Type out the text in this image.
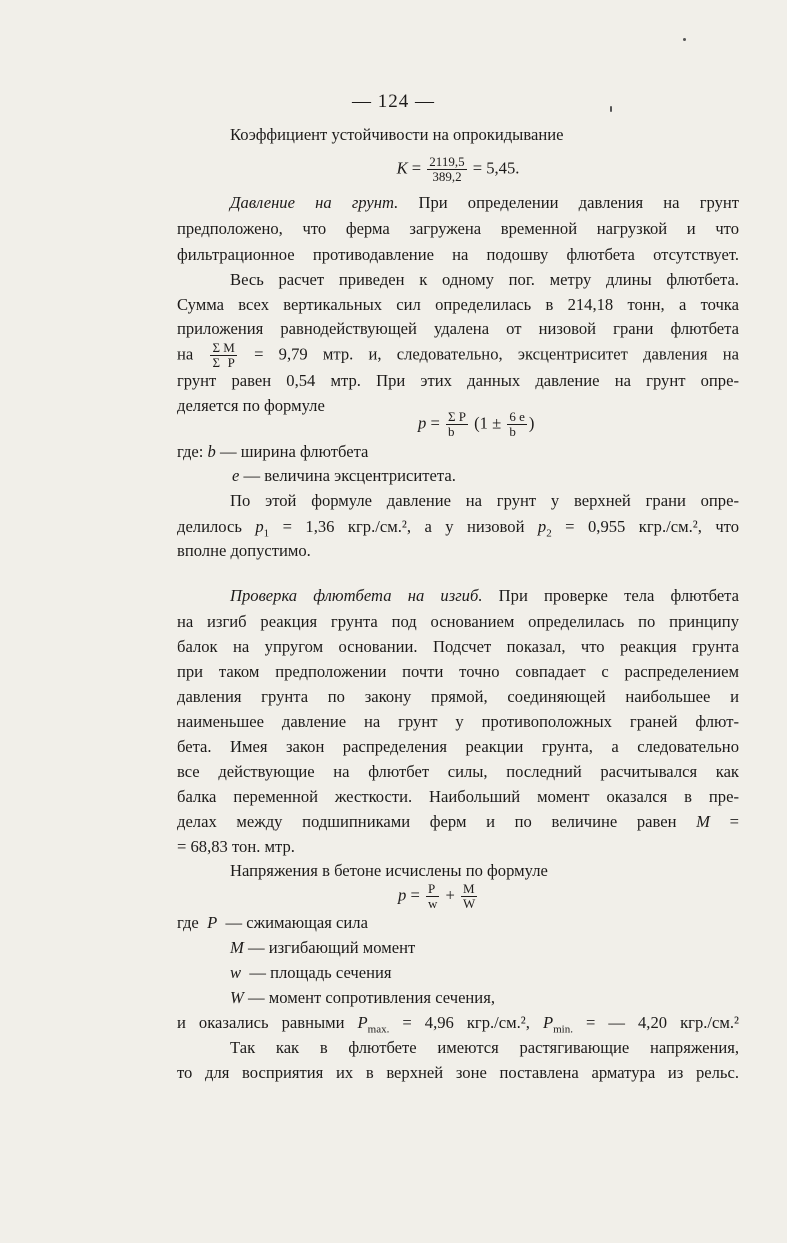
— 124 —
Коэффициент устойчивости на опрокидывание
$K = \frac{2119,5}{389,2} = 5,45$.
Давление на грунт. При определении давления на грунт
предположено, что ферма загружена временной нагрузкой и что
фильтрационное противодавление на подошву флютбета отсутствует.
Весь расчет приведен к одному пог. метру длины флютбета.
Сумма всех вертикальных сил определилась в 214,18 тонн, а точка
приложения равнодействующей удалена от низовой грани флютбета
на $\frac{\text{Σ M}}{\text{Σ P}} = 9,79$ мтр. и, следовательно, эксцентриситет давления на
грунт равен 0,54 мтр. При этих данных давление на грунт опре-
деляется по формуле
$p = \frac{\text{Σ P}}{b} (1 \pm \frac{6 e}{b}$ )
где: b — ширина флютбета
e — величина эксцентриситета.
По этой формуле давление на грунт у верхней грани опре-
делилось $p_1 = 1,36$ кгр./см.², а у низовой $p_2 = 0,955$ кгр./см.², что
вполне допустимо.
Проверка флютбета на изгиб. При проверке тела флютбета
на изгиб реакция грунта под основанием определилась по принципу
балок на упругом основании. Подсчет показал, что реакция грунта
при таком предположении почти точно совпадает с распределением
давления грунта по закону прямой, соединяющей наибольшее и
наименьшее давление на грунт у противоположных граней флют-
бета. Имея закон распределения реакции грунта, а следовательно
все действующие на флютбет силы, последний расчитывался как
балка переменной жесткости. Наибольший момент оказался в пре-
делах между подшипниками ферм и по величине равен M =
= 68,83 тон. мтр.
Напряжения в бетоне исчислены по формуле
$p = \frac{P}{w} + \frac{M}{W}$
где  P  — сжимающая сила
M — изгибающий момент
w  — площадь сечения
W — момент сопротивления сечения,
и оказались равными $P_{max.} = 4,96$ кгр./см.², $P_{min.}$ = — 4,20 кгр./см.²
Так как в флютбете имеются растягивающие напряжения,
то для восприятия их в верхней зоне поставлена арматура из рельс.
